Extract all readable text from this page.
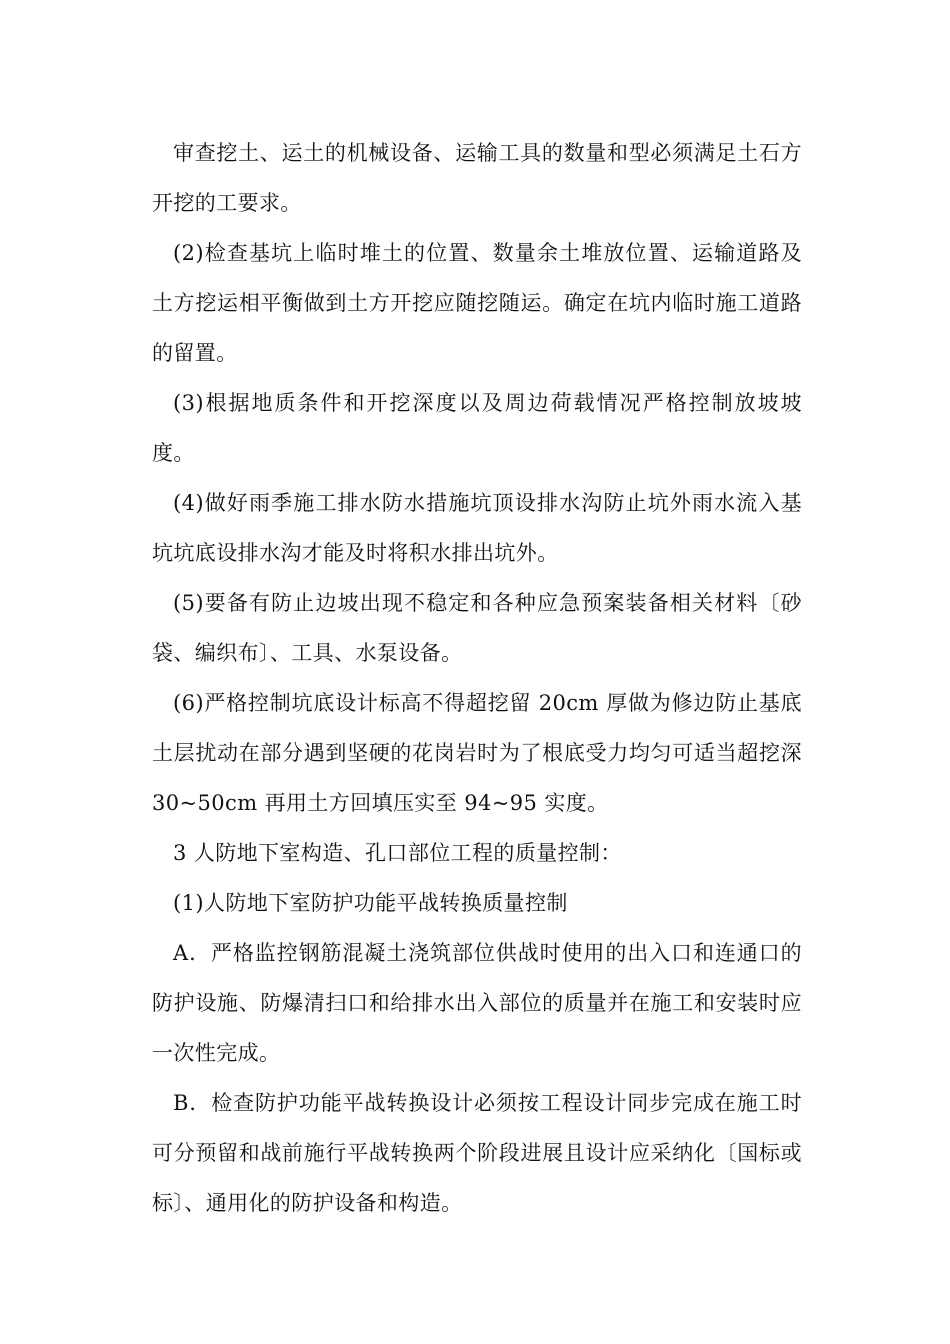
审查挖土、运土的机械设备、运输工具的数量和型必须满足土石方开挖的工要求。

(2)检查基坑上临时堆土的位置、数量余土堆放位置、运输道路及土方挖运相平衡做到土方开挖应随挖随运。确定在坑内临时施工道路的留置。

(3)根据地质条件和开挖深度以及周边荷载情况严格控制放坡坡度。

(4)做好雨季施工排水防水措施坑顶设排水沟防止坑外雨水流入基坑坑底设排水沟才能及时将积水排出坑外。

(5)要备有防止边坡出现不稳定和各种应急预案装备相关材料〔砂袋、编织布〕、工具、水泵设备。

(6)严格控制坑底设计标高不得超挖留 20cm 厚做为修边防止基底土层扰动在部分遇到坚硬的花岗岩时为了根底受力均匀可适当超挖深 30~50cm 再用土方回填压实至 94~95 实度。

3 人防地下室构造、孔口部位工程的质量控制：

(1)人防地下室防护功能平战转换质量控制

A．严格监控钢筋混凝土浇筑部位供战时使用的出入口和连通口的防护设施、防爆清扫口和给排水出入部位的质量并在施工和安装时应一次性完成。

B．检查防护功能平战转换设计必须按工程设计同步完成在施工时可分预留和战前施行平战转换两个阶段进展且设计应采纳化〔国标或标〕、通用化的防护设备和构造。
